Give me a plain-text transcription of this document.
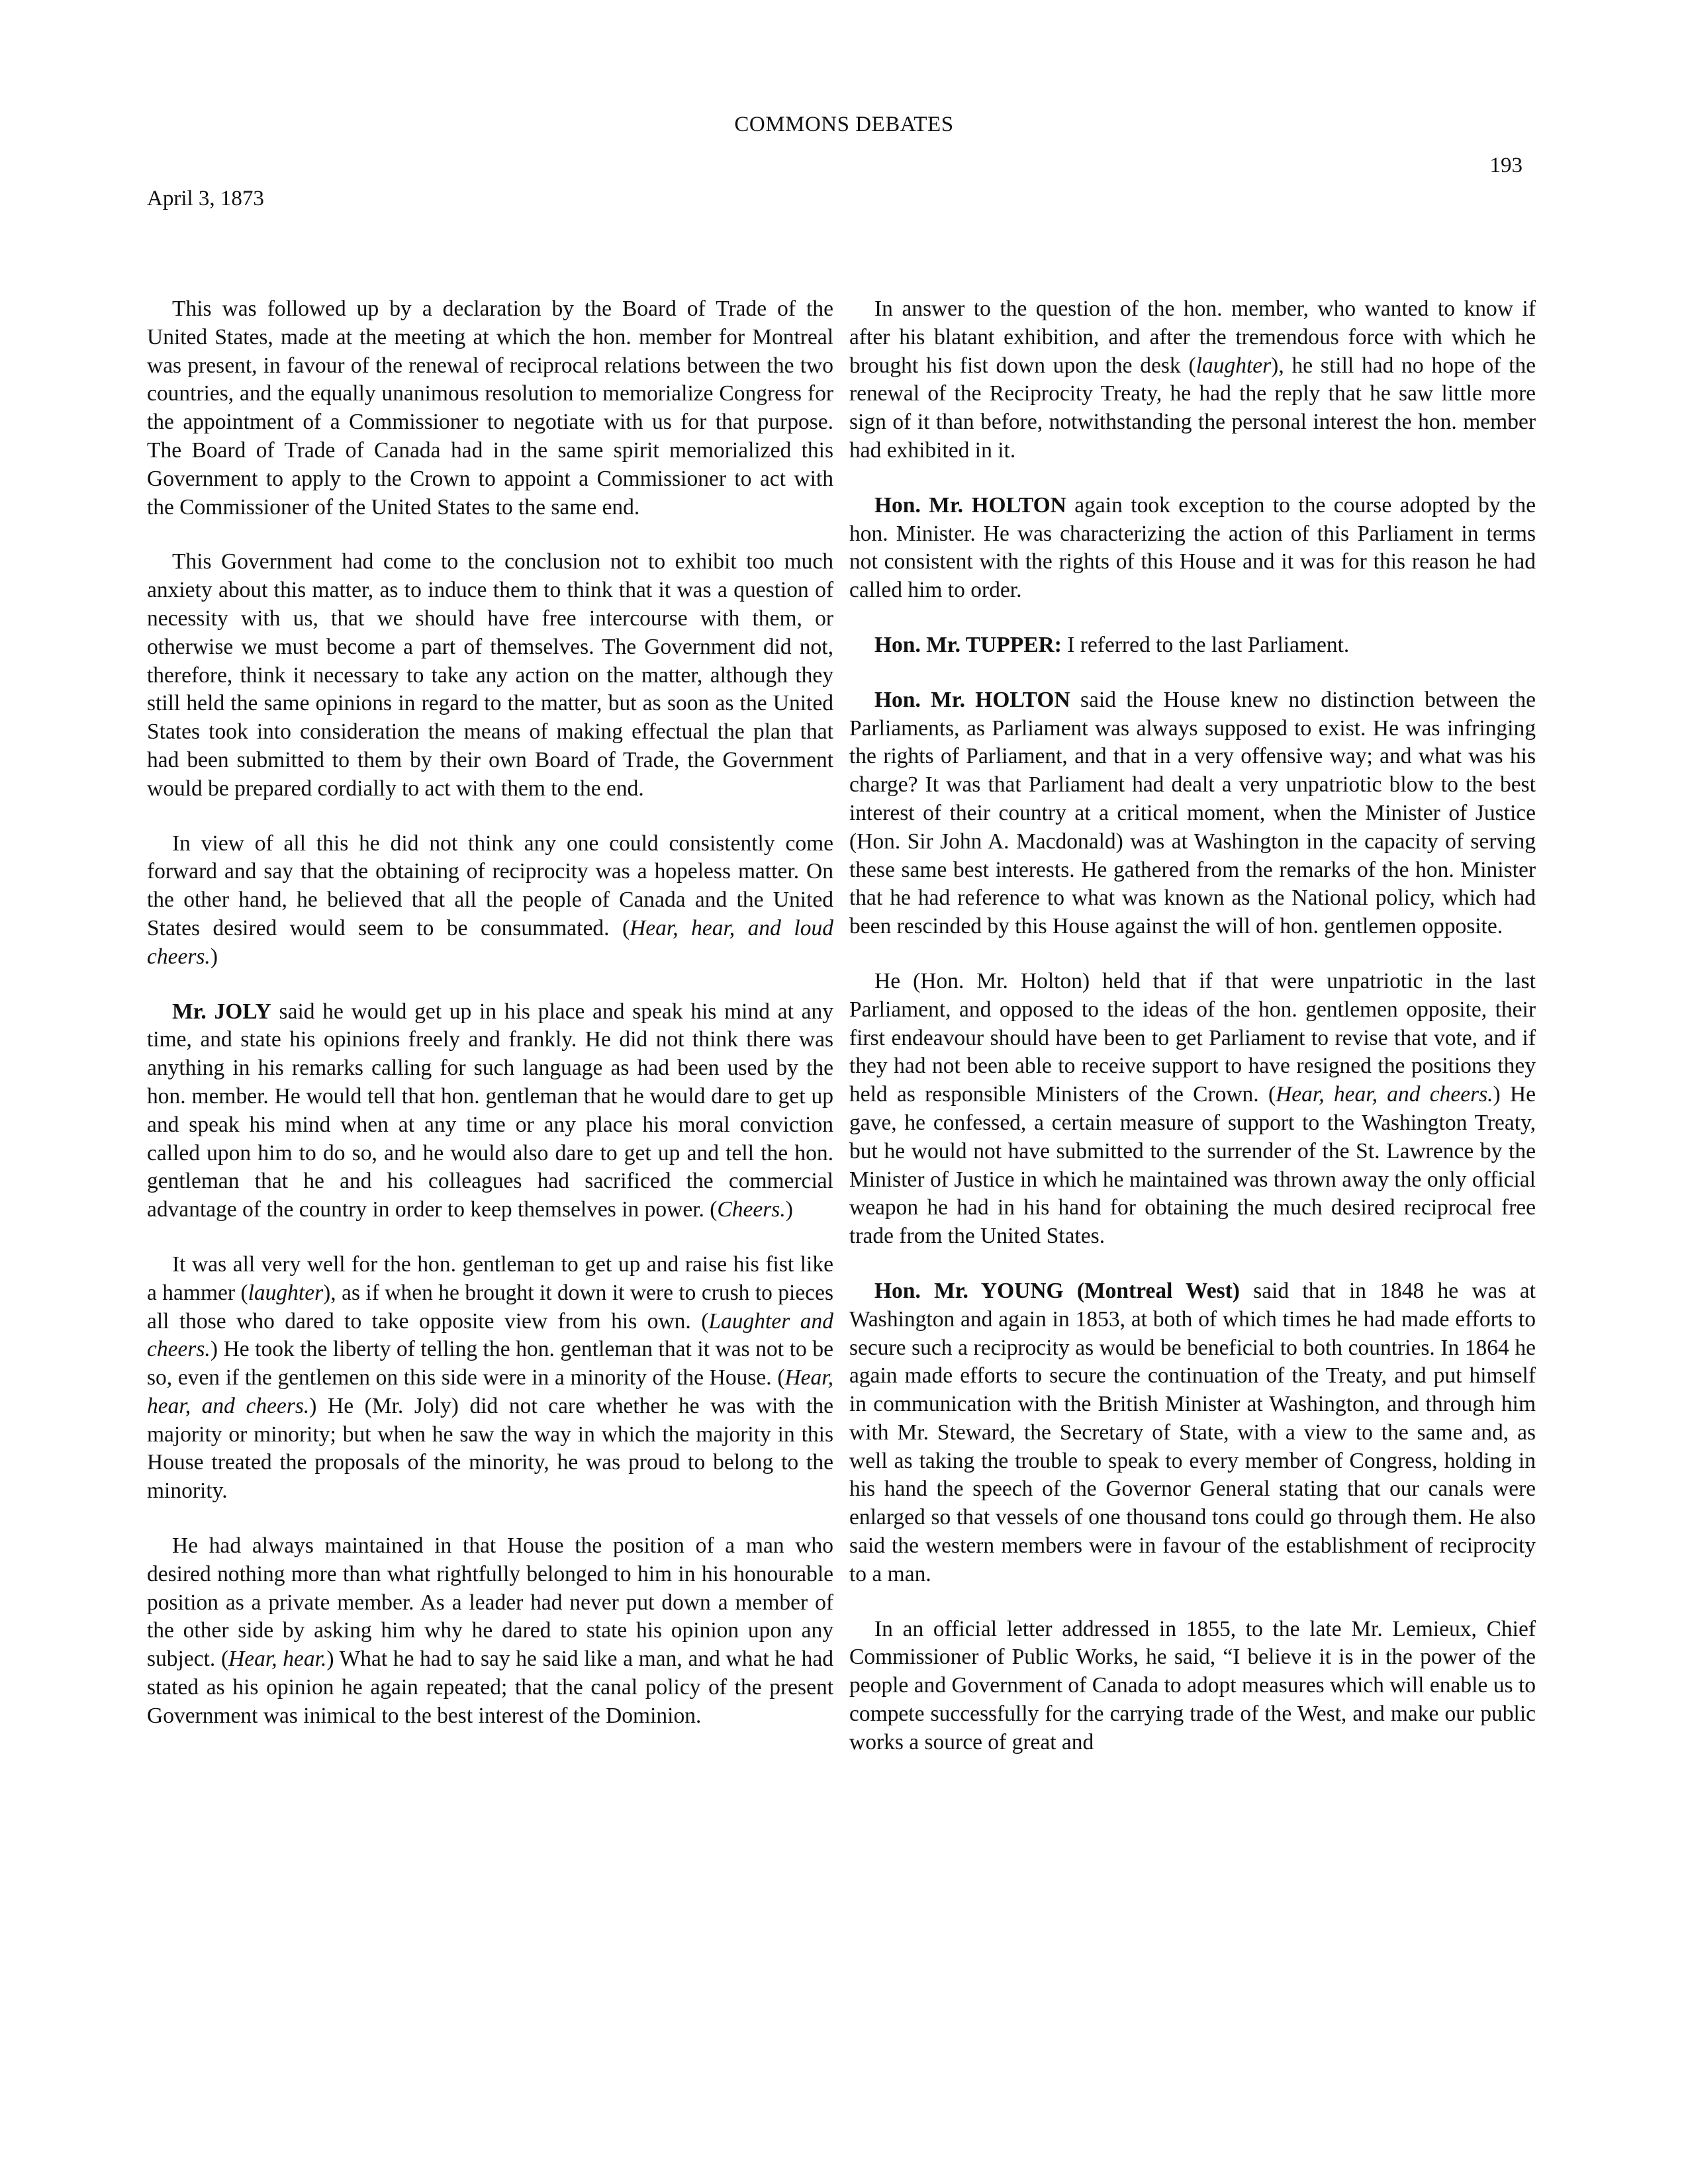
COMMONS DEBATES
193
April 3, 1873

This was followed up by a declaration by the Board of Trade of the United States, made at the meeting at which the hon. member for Montreal was present, in favour of the renewal of reciprocal relations between the two countries, and the equally unanimous resolution to memorialize Congress for the appointment of a Commissioner to negotiate with us for that purpose. The Board of Trade of Canada had in the same spirit memorialized this Government to apply to the Crown to appoint a Commissioner to act with the Commissioner of the United States to the same end.

This Government had come to the conclusion not to exhibit too much anxiety about this matter, as to induce them to think that it was a question of necessity with us, that we should have free intercourse with them, or otherwise we must become a part of themselves. The Government did not, therefore, think it necessary to take any action on the matter, although they still held the same opinions in regard to the matter, but as soon as the United States took into consideration the means of making effectual the plan that had been submitted to them by their own Board of Trade, the Government would be prepared cordially to act with them to the end.

In view of all this he did not think any one could consistently come forward and say that the obtaining of reciprocity was a hopeless matter. On the other hand, he believed that all the people of Canada and the United States desired would seem to be consummated. (Hear, hear, and loud cheers.)

Mr. JOLY said he would get up in his place and speak his mind at any time, and state his opinions freely and frankly. He did not think there was anything in his remarks calling for such language as had been used by the hon. member. He would tell that hon. gentleman that he would dare to get up and speak his mind when at any time or any place his moral conviction called upon him to do so, and he would also dare to get up and tell the hon. gentleman that he and his colleagues had sacrificed the commercial advantage of the country in order to keep themselves in power. (Cheers.)

It was all very well for the hon. gentleman to get up and raise his fist like a hammer (laughter), as if when he brought it down it were to crush to pieces all those who dared to take opposite view from his own. (Laughter and cheers.) He took the liberty of telling the hon. gentleman that it was not to be so, even if the gentlemen on this side were in a minority of the House. (Hear, hear, and cheers.) He (Mr. Joly) did not care whether he was with the majority or minority; but when he saw the way in which the majority in this House treated the proposals of the minority, he was proud to belong to the minority.

He had always maintained in that House the position of a man who desired nothing more than what rightfully belonged to him in his honourable position as a private member. As a leader had never put down a member of the other side by asking him why he dared to state his opinion upon any subject. (Hear, hear.) What he had to say he said like a man, and what he had stated as his opinion he again repeated; that the canal policy of the present Government was inimical to the best interest of the Dominion.

In answer to the question of the hon. member, who wanted to know if after his blatant exhibition, and after the tremendous force with which he brought his fist down upon the desk (laughter), he still had no hope of the renewal of the Reciprocity Treaty, he had the reply that he saw little more sign of it than before, notwithstanding the personal interest the hon. member had exhibited in it.

Hon. Mr. HOLTON again took exception to the course adopted by the hon. Minister. He was characterizing the action of this Parliament in terms not consistent with the rights of this House and it was for this reason he had called him to order.

Hon. Mr. TUPPER: I referred to the last Parliament.

Hon. Mr. HOLTON said the House knew no distinction between the Parliaments, as Parliament was always supposed to exist. He was infringing the rights of Parliament, and that in a very offensive way; and what was his charge? It was that Parliament had dealt a very unpatriotic blow to the best interest of their country at a critical moment, when the Minister of Justice (Hon. Sir John A. Macdonald) was at Washington in the capacity of serving these same best interests. He gathered from the remarks of the hon. Minister that he had reference to what was known as the National policy, which had been rescinded by this House against the will of hon. gentlemen opposite.

He (Hon. Mr. Holton) held that if that were unpatriotic in the last Parliament, and opposed to the ideas of the hon. gentlemen opposite, their first endeavour should have been to get Parliament to revise that vote, and if they had not been able to receive support to have resigned the positions they held as responsible Ministers of the Crown. (Hear, hear, and cheers.) He gave, he confessed, a certain measure of support to the Washington Treaty, but he would not have submitted to the surrender of the St. Lawrence by the Minister of Justice in which he maintained was thrown away the only official weapon he had in his hand for obtaining the much desired reciprocal free trade from the United States.

Hon. Mr. YOUNG (Montreal West) said that in 1848 he was at Washington and again in 1853, at both of which times he had made efforts to secure such a reciprocity as would be beneficial to both countries. In 1864 he again made efforts to secure the continuation of the Treaty, and put himself in communication with the British Minister at Washington, and through him with Mr. Steward, the Secretary of State, with a view to the same and, as well as taking the trouble to speak to every member of Congress, holding in his hand the speech of the Governor General stating that our canals were enlarged so that vessels of one thousand tons could go through them. He also said the western members were in favour of the establishment of reciprocity to a man.

In an official letter addressed in 1855, to the late Mr. Lemieux, Chief Commissioner of Public Works, he said, “I believe it is in the power of the people and Government of Canada to adopt measures which will enable us to compete successfully for the carrying trade of the West, and make our public works a source of great and
